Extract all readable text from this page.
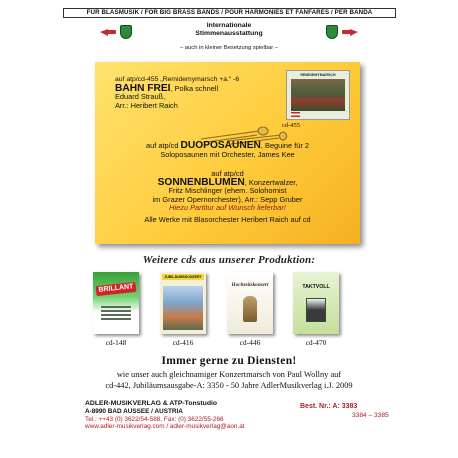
FÜR BLASMUSIK / FOR BIG BRASS BANDS / POUR HARMONIES ET FANFARES / PER BANDA
Internationale
Stimmenausstattung
– auch in kleiner Besetzung spielbar –
auf atp/cd-455 „Remidemymarsch +a.“ -6
BAHN FREI, Polka schnell
Eduard Strauß,
Arr.: Heribert Raich
REMIDEMYMARSCH
cd-455
auf atp/cd DUOPOSAUNEN, Beguine für 2
Soloposaunen mit Orchester, James Kee
auf atp/cd
SONNENBLUMEN, Konzertwalzer,
Fritz Mischlinger (ehem. Solohornist
im Grazer Opernorchester), Arr.: Sepp Gruber
Hiezu Partitur auf Wunsch lieferbar!
Alle Werke mit Blasorchester Heribert Raich auf cd
Weitere cds aus unserer Produktion:
BRILLANT
cd-148
JUBILÄUMSKONZERT
cd-416
Hochzeitskonzert
cd-446
TAKTVOLL
cd-470
Immer gerne zu Diensten!
wie unser auch gleichnamiger Konzertmarsch von Paul Wollny auf
cd-442, Jubiläumsausgabe-A: 3350 - 50 Jahre AdlerMusikverlag i.J. 2009
ADLER-MUSIKVERLAG & ATP-Tonstudio
A-8990 BAD AUSSEE / AUSTRIA
Tel.: ++43 (0) 3622/54-588, Fax: (0) 3622/55-266
www.adler-musikverlag.com / adler-musikverlag@aon.at
Best. Nr.: A: 3383
3384 – 3385
